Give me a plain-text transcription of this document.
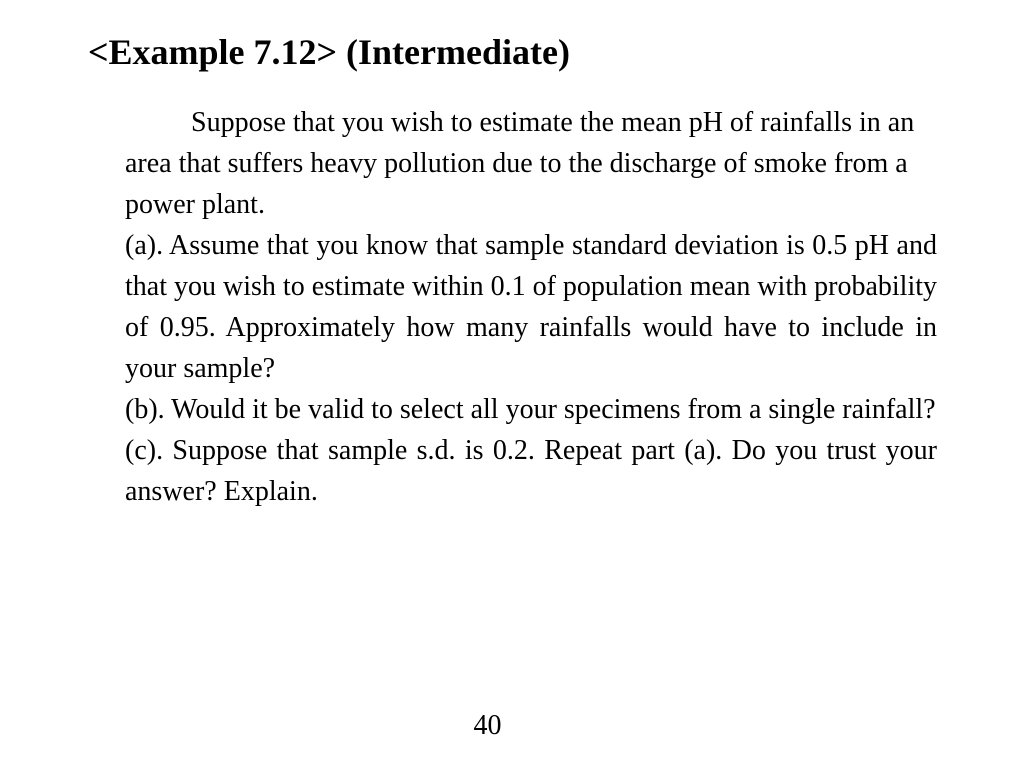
<Example 7.12> (Intermediate)

Suppose that you wish to estimate the mean pH of rainfalls in an area that suffers heavy pollution due to the discharge of smoke from a power plant.

(a). Assume that you know that sample standard deviation is 0.5 pH and that you wish to estimate within 0.1 of population mean with probability of 0.95. Approximately how many rainfalls would have to include in your sample?

(b). Would it be valid to select all your specimens from a single rainfall?

(c). Suppose that sample s.d. is 0.2. Repeat part (a). Do you trust your answer? Explain.

40
